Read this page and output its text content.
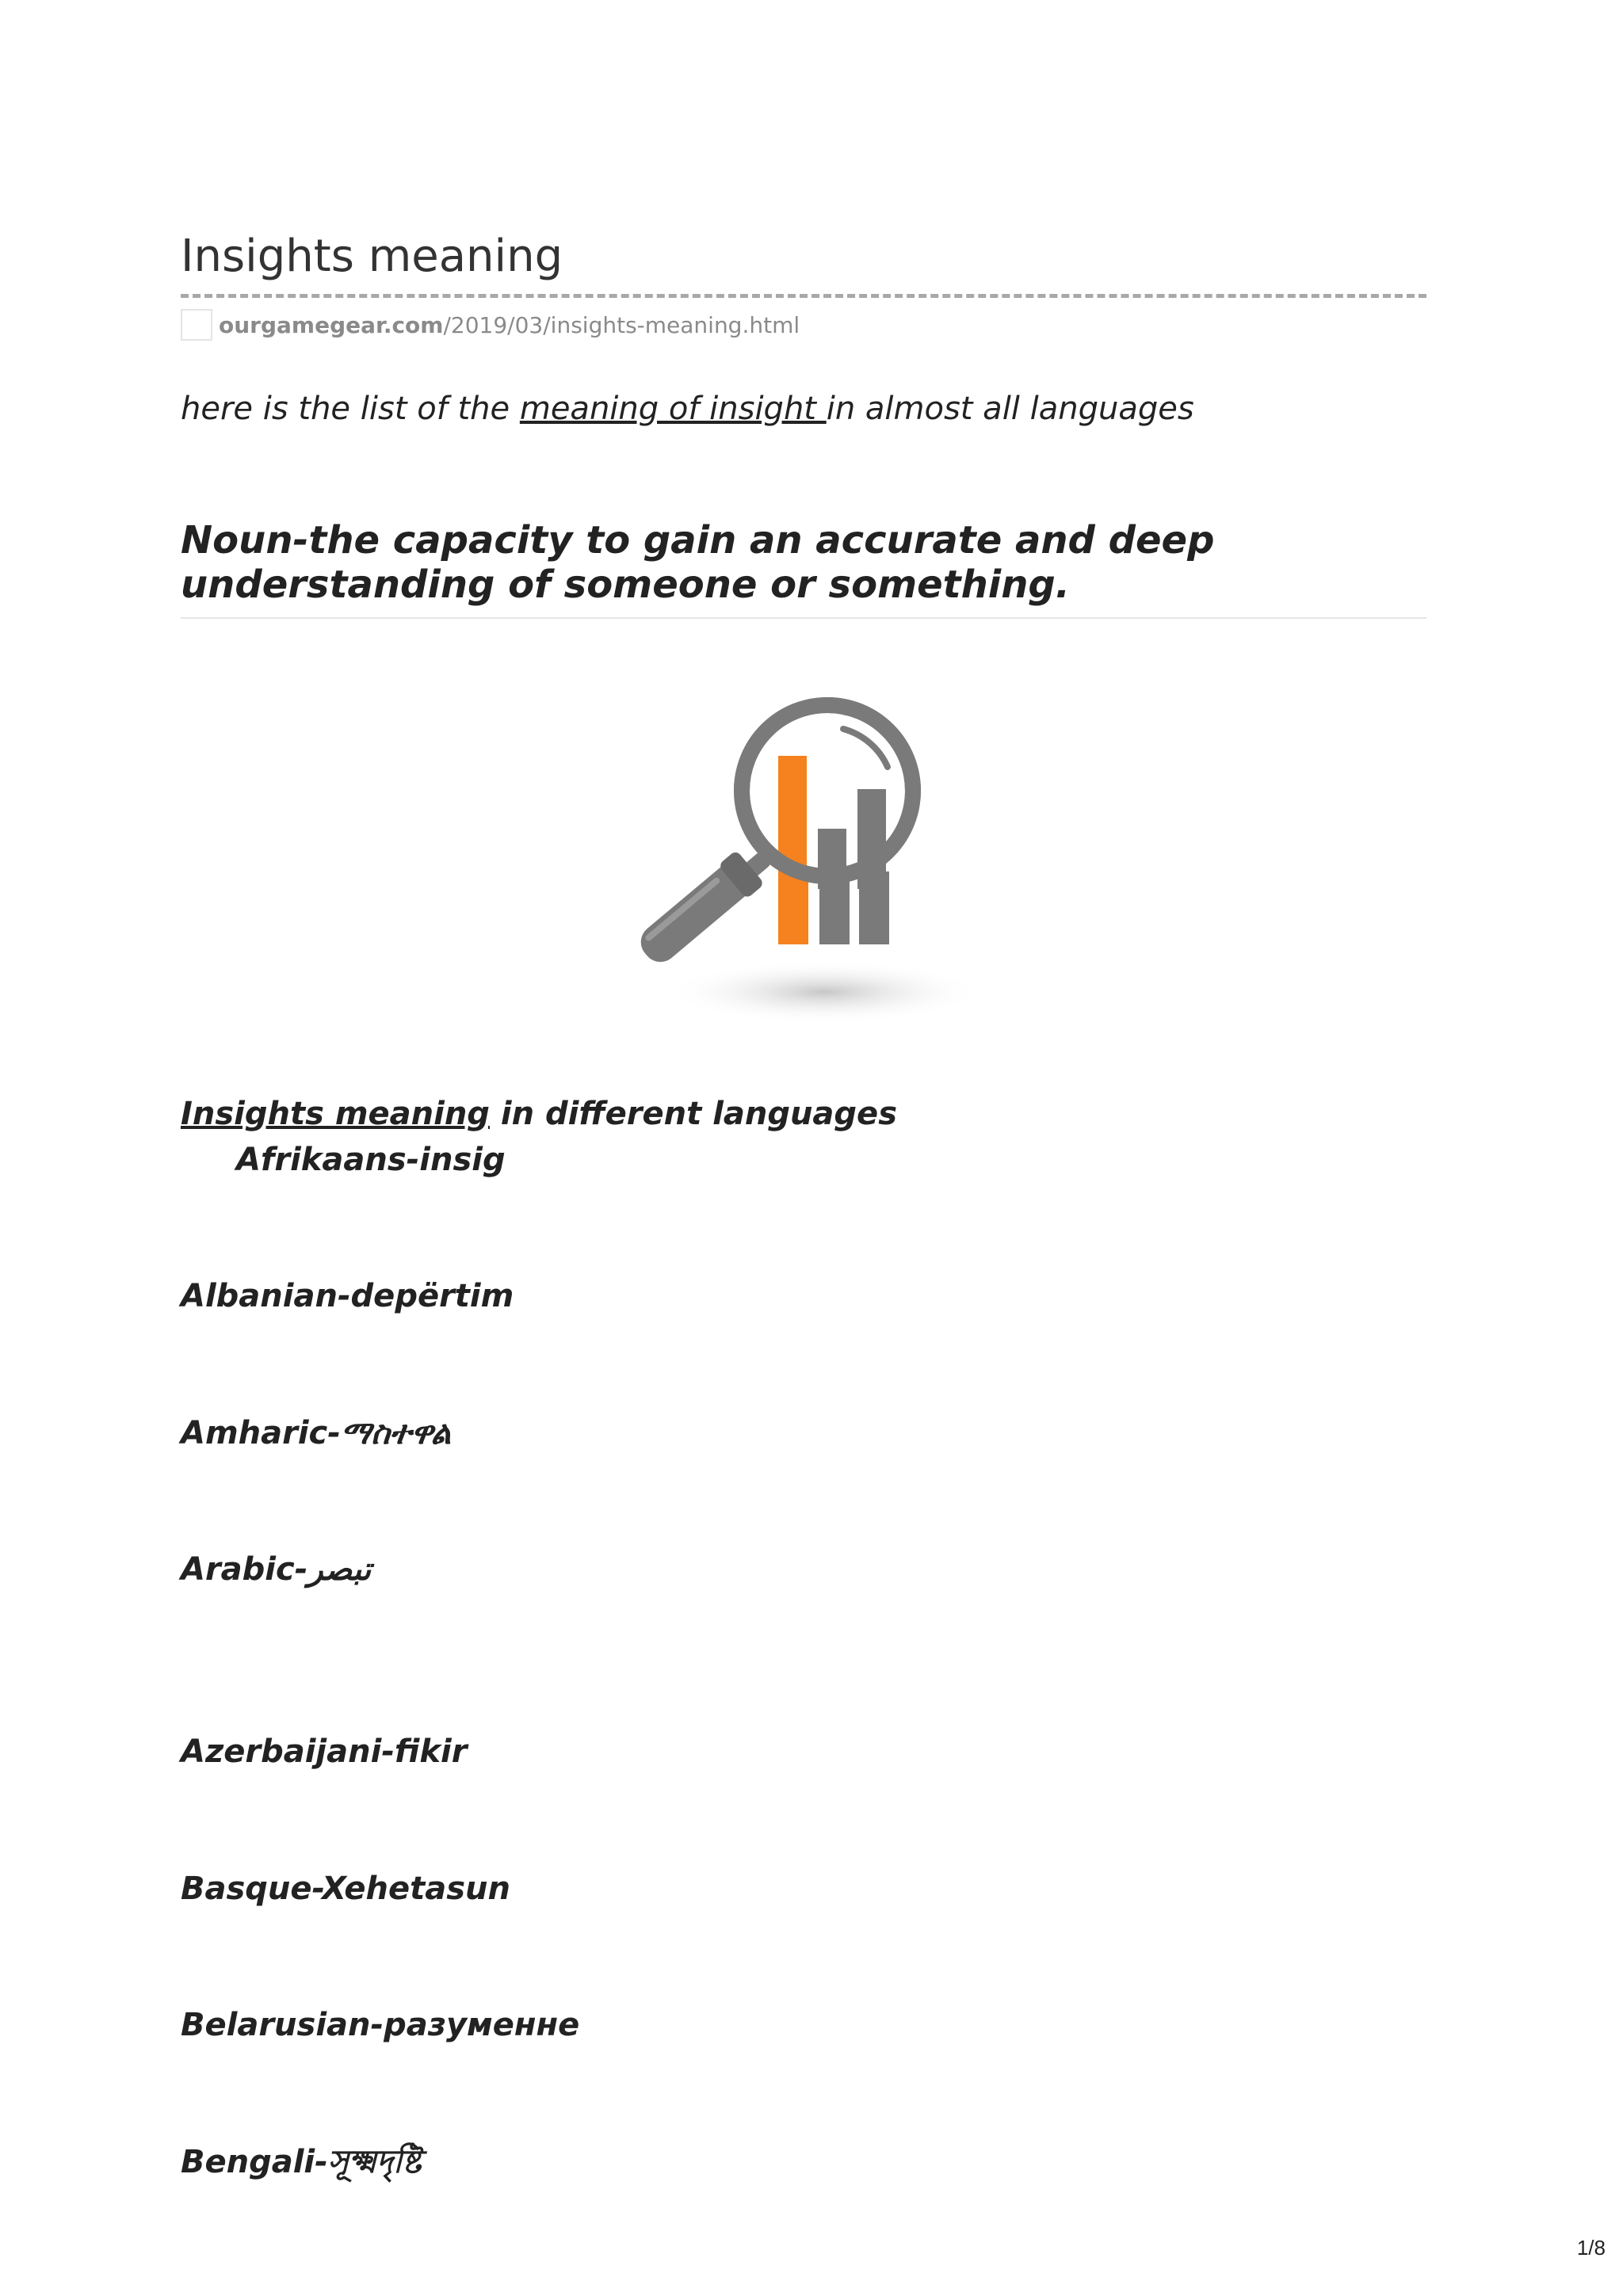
Insights meaning
ourgamegear.com/2019/03/insights-meaning.html

here is the list of the meaning of insight in almost all languages

Noun-the capacity to gain an accurate and deep understanding of someone or something.
Insights meaning in different languages
Afrikaans-insig
Albanian-depërtim
Amharic-ማስተዋል
Arabic-تبصر
Azerbaijani-fikir
Basque-Xehetasun
Belarusian-разуменне
Bengali-সূক্ষ্মদৃষ্টি
1/8
